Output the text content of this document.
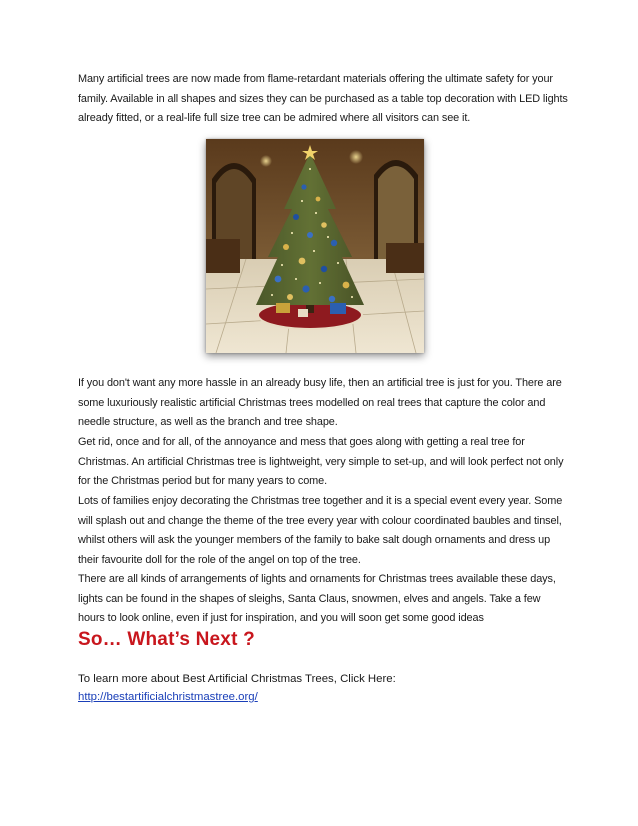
Many artificial trees are now made from flame-retardant materials offering the ultimate safety for your family. Available in all shapes and sizes they can be purchased as a table top decoration with LED lights already fitted, or a real-life full size tree can be admired where all visitors can see it.

If you don't want any more hassle in an already busy life, then an artificial tree is just for you. There are some luxuriously realistic artificial Christmas trees modelled on real trees that capture the color and needle structure, as well as the branch and tree shape.

Get rid, once and for all, of the annoyance and mess that goes along with getting a real tree for Christmas. An artificial Christmas tree is lightweight, very simple to set-up, and will look perfect not only for the Christmas period but for many years to come.

Lots of families enjoy decorating the Christmas tree together and it is a special event every year. Some will splash out and change the theme of the tree every year with colour coordinated baubles and tinsel, whilst others will ask the younger members of the family to bake salt dough ornaments and dress up their favourite doll for the role of the angel on top of the tree.

There are all kinds of arrangements of lights and ornaments for Christmas trees available these days, lights can be found in the shapes of sleighs, Santa Claus, snowmen, elves and angels. Take a few hours to look online, even if just for inspiration, and you will soon get some good ideas

So… What’s Next ?

To learn more about Best Artificial Christmas Trees, Click Here:

http://bestartificialchristmastree.org/
